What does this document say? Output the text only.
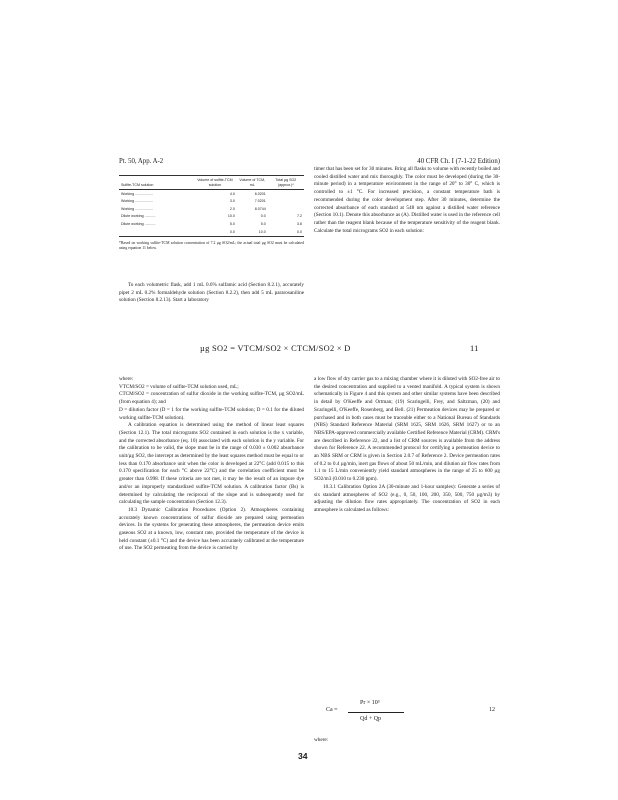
Pt. 50, App. A-2	40 CFR Ch. I (7-1-22 Edition)
Sulfite-TCM solution	Volume of sulfite-TCM solution	Volume of TCM, mL	Total µg SO2 (approx.)*
Working ..................	4.0	6.0201	
Working ..................	3.0	7.0201	
Working ..................	2.0	8.0744	
Dilute working ...........	10.0	0.0	7.2
Dilute working ...........	5.0	5.0	3.6
	0.0	10.0	0.0
*Based on working sulfite-TCM solution concentration of 7.2 µg SO2/mL; the actual total µg SO2 must be calculated using equation 11 below.

To each volumetric flask, add 1 mL 0.6% sulfamic acid (Section 8.2.1), accurately pipet 2 mL 0.2% formaldehyde solution (Section 8.2.2), then add 5 mL pararosaniline solution (Section 8.2.13). Start a laboratory

timer that has been set for 30 minutes. Bring all flasks to volume with recently boiled and cooled distilled water and mix thoroughly. The color must be developed (during the 30-minute period) in a temperature environment in the range of 20° to 30° C, which is controlled to ±1 °C. For increased precision, a constant temperature bath is recommended during the color development step. After 30 minutes, determine the corrected absorbance of each standard at 548 nm against a distilled water reference (Section 10.1). Denote this absorbance as (A). Distilled water is used in the reference cell rather than the reagent blank because of the temperature sensitivity of the reagent blank. Calculate the total micrograms SO2 in each solution:

µg SO2 = VTCM/SO2 × CTCM/SO2 × D	11

where:

VTCM/SO2 = volume of sulfite-TCM solution used, mL;

CTCM/SO2 = concentration of sulfur dioxide in the working sulfite-TCM, µg SO2/mL (from equation 4); and

D = dilution factor (D = 1 for the working sulfite-TCM solution; D = 0.1 for the diluted working sulfite-TCM solution).

A calibration equation is determined using the method of linear least squares (Section 12.1). The total micrograms SO2 contained in each solution is the x variable, and the corrected absorbance (eq. 10) associated with each solution is the y variable. For the calibration to be valid, the slope must be in the range of 0.030 ± 0.002 absorbance unit/µg SO2, the intercept as determined by the least squares method must be equal to or less than 0.170 absorbance unit when the color is developed at 22°C (add 0.015 to this 0.170 specification for each °C above 22°C) and the correlation coefficient must be greater than 0.998. If these criteria are not met, it may be the result of an impure dye and/or an improperly standardized sulfite-TCM solution. A calibration factor (Bs) is determined by calculating the reciprocal of the slope and is subsequently used for calculating the sample concentration (Section 12.3).

10.3 Dynamic Calibration Procedures (Option 2). Atmospheres containing accurately known concentrations of sulfur dioxide are prepared using permeation devices. In the systems for generating these atmospheres, the permeation device emits gaseous SO2 at a known, low, constant rate, provided the temperature of the device is held constant (±0.1 °C) and the device has been accurately calibrated at the temperature of use. The SO2 permeating from the device is carried by

a low flow of dry carrier gas to a mixing chamber where it is diluted with SO2-free air to the desired concentration and supplied to a vented manifold. A typical system is shown schematically in Figure 4 and this system and other similar systems have been described in detail by O'Keeffe and Ortman; (19) Scaringelli, Frey, and Saltzman, (20) and Scaringelli, O'Keeffe, Rosenberg, and Bell. (21) Permeation devices may be prepared or purchased and in both cases must be traceable either to a National Bureau of Standards (NBS) Standard Reference Material (SRM 1625, SRM 1626, SRM 1627) or to an NBS/EPA-approved commercially available Certified Reference Material (CRM). CRM's are described in Reference 22, and a list of CRM sources is available from the address shown for Reference 22. A recommended protocol for certifying a permeation device to an NBS SRM or CRM is given in Section 2.0.7 of Reference 2. Device permeation rates of 0.2 to 0.4 µg/min, inert gas flows of about 50 mL/min, and dilution air flow rates from 1.1 to 15 L/min conveniently yield standard atmospheres in the range of 25 to 600 µg SO2/m3 (0.010 to 0.230 ppm).

10.3.1 Calibration Option 2A (30-minute and 1-hour samples): Generate a series of six standard atmospheres of SO2 (e.g., 0, 50, 100, 200, 350, 500, 750 µg/m3) by adjusting the dilution flow rates appropriately. The concentration of SO2 in each atmosphere is calculated as follows:

Pr × 10³
Ca =
Qd + Qp
12
where:
34
